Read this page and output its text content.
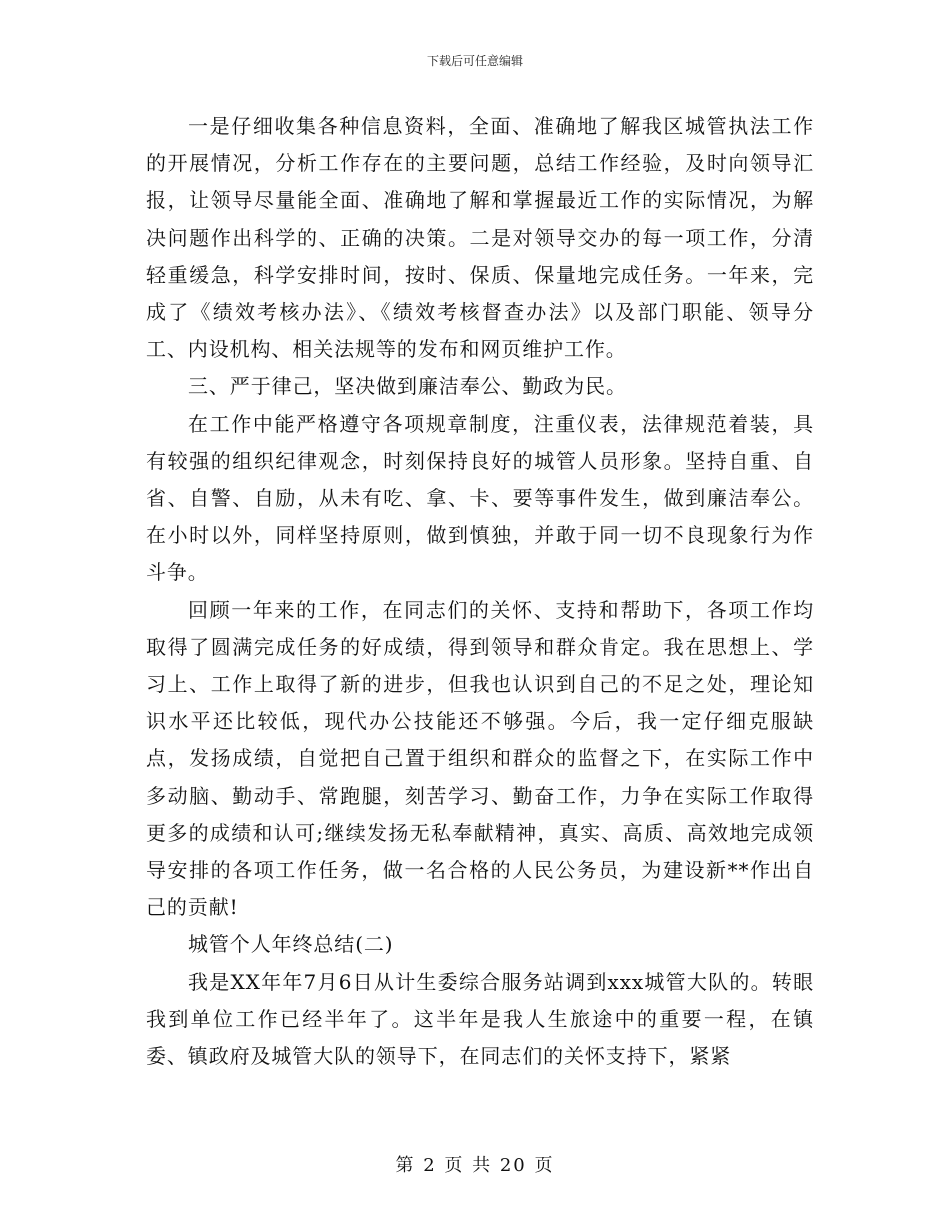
下载后可任意编辑

一是仔细收集各种信息资料，全面、准确地了解我区城管执法工作的开展情况，分析工作存在的主要问题，总结工作经验，及时向领导汇报，让领导尽量能全面、准确地了解和掌握最近工作的实际情况，为解决问题作出科学的、正确的决策。二是对领导交办的每一项工作，分清轻重缓急，科学安排时间，按时、保质、保量地完成任务。一年来，完成了《绩效考核办法》、《绩效考核督查办法》以及部门职能、领导分工、内设机构、相关法规等的发布和网页维护工作。

三、严于律己，坚决做到廉洁奉公、勤政为民。

在工作中能严格遵守各项规章制度，注重仪表，法律规范着装，具有较强的组织纪律观念，时刻保持良好的城管人员形象。坚持自重、自省、自警、自励，从未有吃、拿、卡、要等事件发生，做到廉洁奉公。在小时以外，同样坚持原则，做到慎独，并敢于同一切不良现象行为作斗争。

回顾一年来的工作，在同志们的关怀、支持和帮助下，各项工作均取得了圆满完成任务的好成绩，得到领导和群众肯定。我在思想上、学习上、工作上取得了新的进步，但我也认识到自己的不足之处，理论知识水平还比较低，现代办公技能还不够强。今后，我一定仔细克服缺点，发扬成绩，自觉把自己置于组织和群众的监督之下，在实际工作中多动脑、勤动手、常跑腿，刻苦学习、勤奋工作，力争在实际工作取得更多的成绩和认可;继续发扬无私奉献精神，真实、高质、高效地完成领导安排的各项工作任务，做一名合格的人民公务员，为建设新**作出自己的贡献!

城管个人年终总结(二)

我是XX年年7月6日从计生委综合服务站调到xxx城管大队的。转眼我到单位工作已经半年了。这半年是我人生旅途中的重要一程，在镇委、镇政府及城管大队的领导下，在同志们的关怀支持下，紧紧

第 2 页 共 20 页
